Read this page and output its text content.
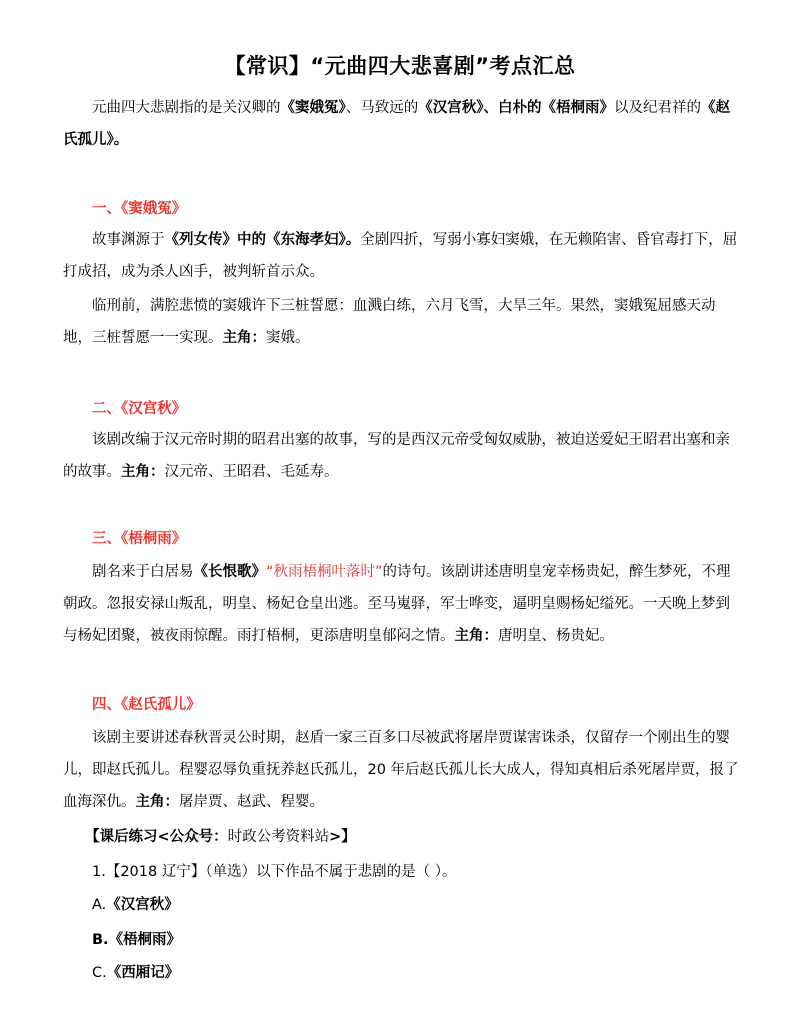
【常识】“元曲四大悲喜剧”考点汇总

元曲四大悲剧指的是关汉卿的《窦娥冤》、马致远的《汉宫秋》、白朴的《梧桐雨》以及纪君祥的《赵氏孤儿》。

一、《窦娥冤》

故事渊源于《列女传》中的《东海孝妇》。全剧四折，写弱小寡妇窦娥，在无赖陷害、昏官毒打下，屈打成招，成为杀人凶手，被判斩首示众。

临刑前，满腔悲愤的窦娥许下三桩誓愿：血溅白练，六月飞雪，大旱三年。果然，窦娥冤屈感天动地，三桩誓愿一一实现。主角：窦娥。

二、《汉宫秋》

该剧改编于汉元帝时期的昭君出塞的故事，写的是西汉元帝受匈奴威胁，被迫送爱妃王昭君出塞和亲的故事。主角：汉元帝、王昭君、毛延寿。

三、《梧桐雨》

剧名来于白居易《长恨歌》“秋雨梧桐叶落时”的诗句。该剧讲述唐明皇宠幸杨贵妃，醉生梦死，不理朝政。忽报安禄山叛乱，明皇、杨妃仓皇出逃。至马嵬驿，军士哗变，逼明皇赐杨妃缢死。一天晚上梦到与杨妃团聚，被夜雨惊醒。雨打梧桐，更添唐明皇郁闷之情。主角：唐明皇、杨贵妃。

四、《赵氏孤儿》

该剧主要讲述春秋晋灵公时期，赵盾一家三百多口尽被武将屠岸贾谋害诛杀，仅留存一个刚出生的婴儿，即赵氏孤儿。程婴忍辱负重抚养赵氏孤儿，20 年后赵氏孤儿长大成人，得知真相后杀死屠岸贾，报了血海深仇。主角：屠岸贾、赵武、程婴。

【课后练习<公众号：时政公考资料站>】

1.【2018 辽宁】（单选）以下作品不属于悲剧的是（ ）。

A.《汉宫秋》

B.《梧桐雨》

C.《西厢记》
